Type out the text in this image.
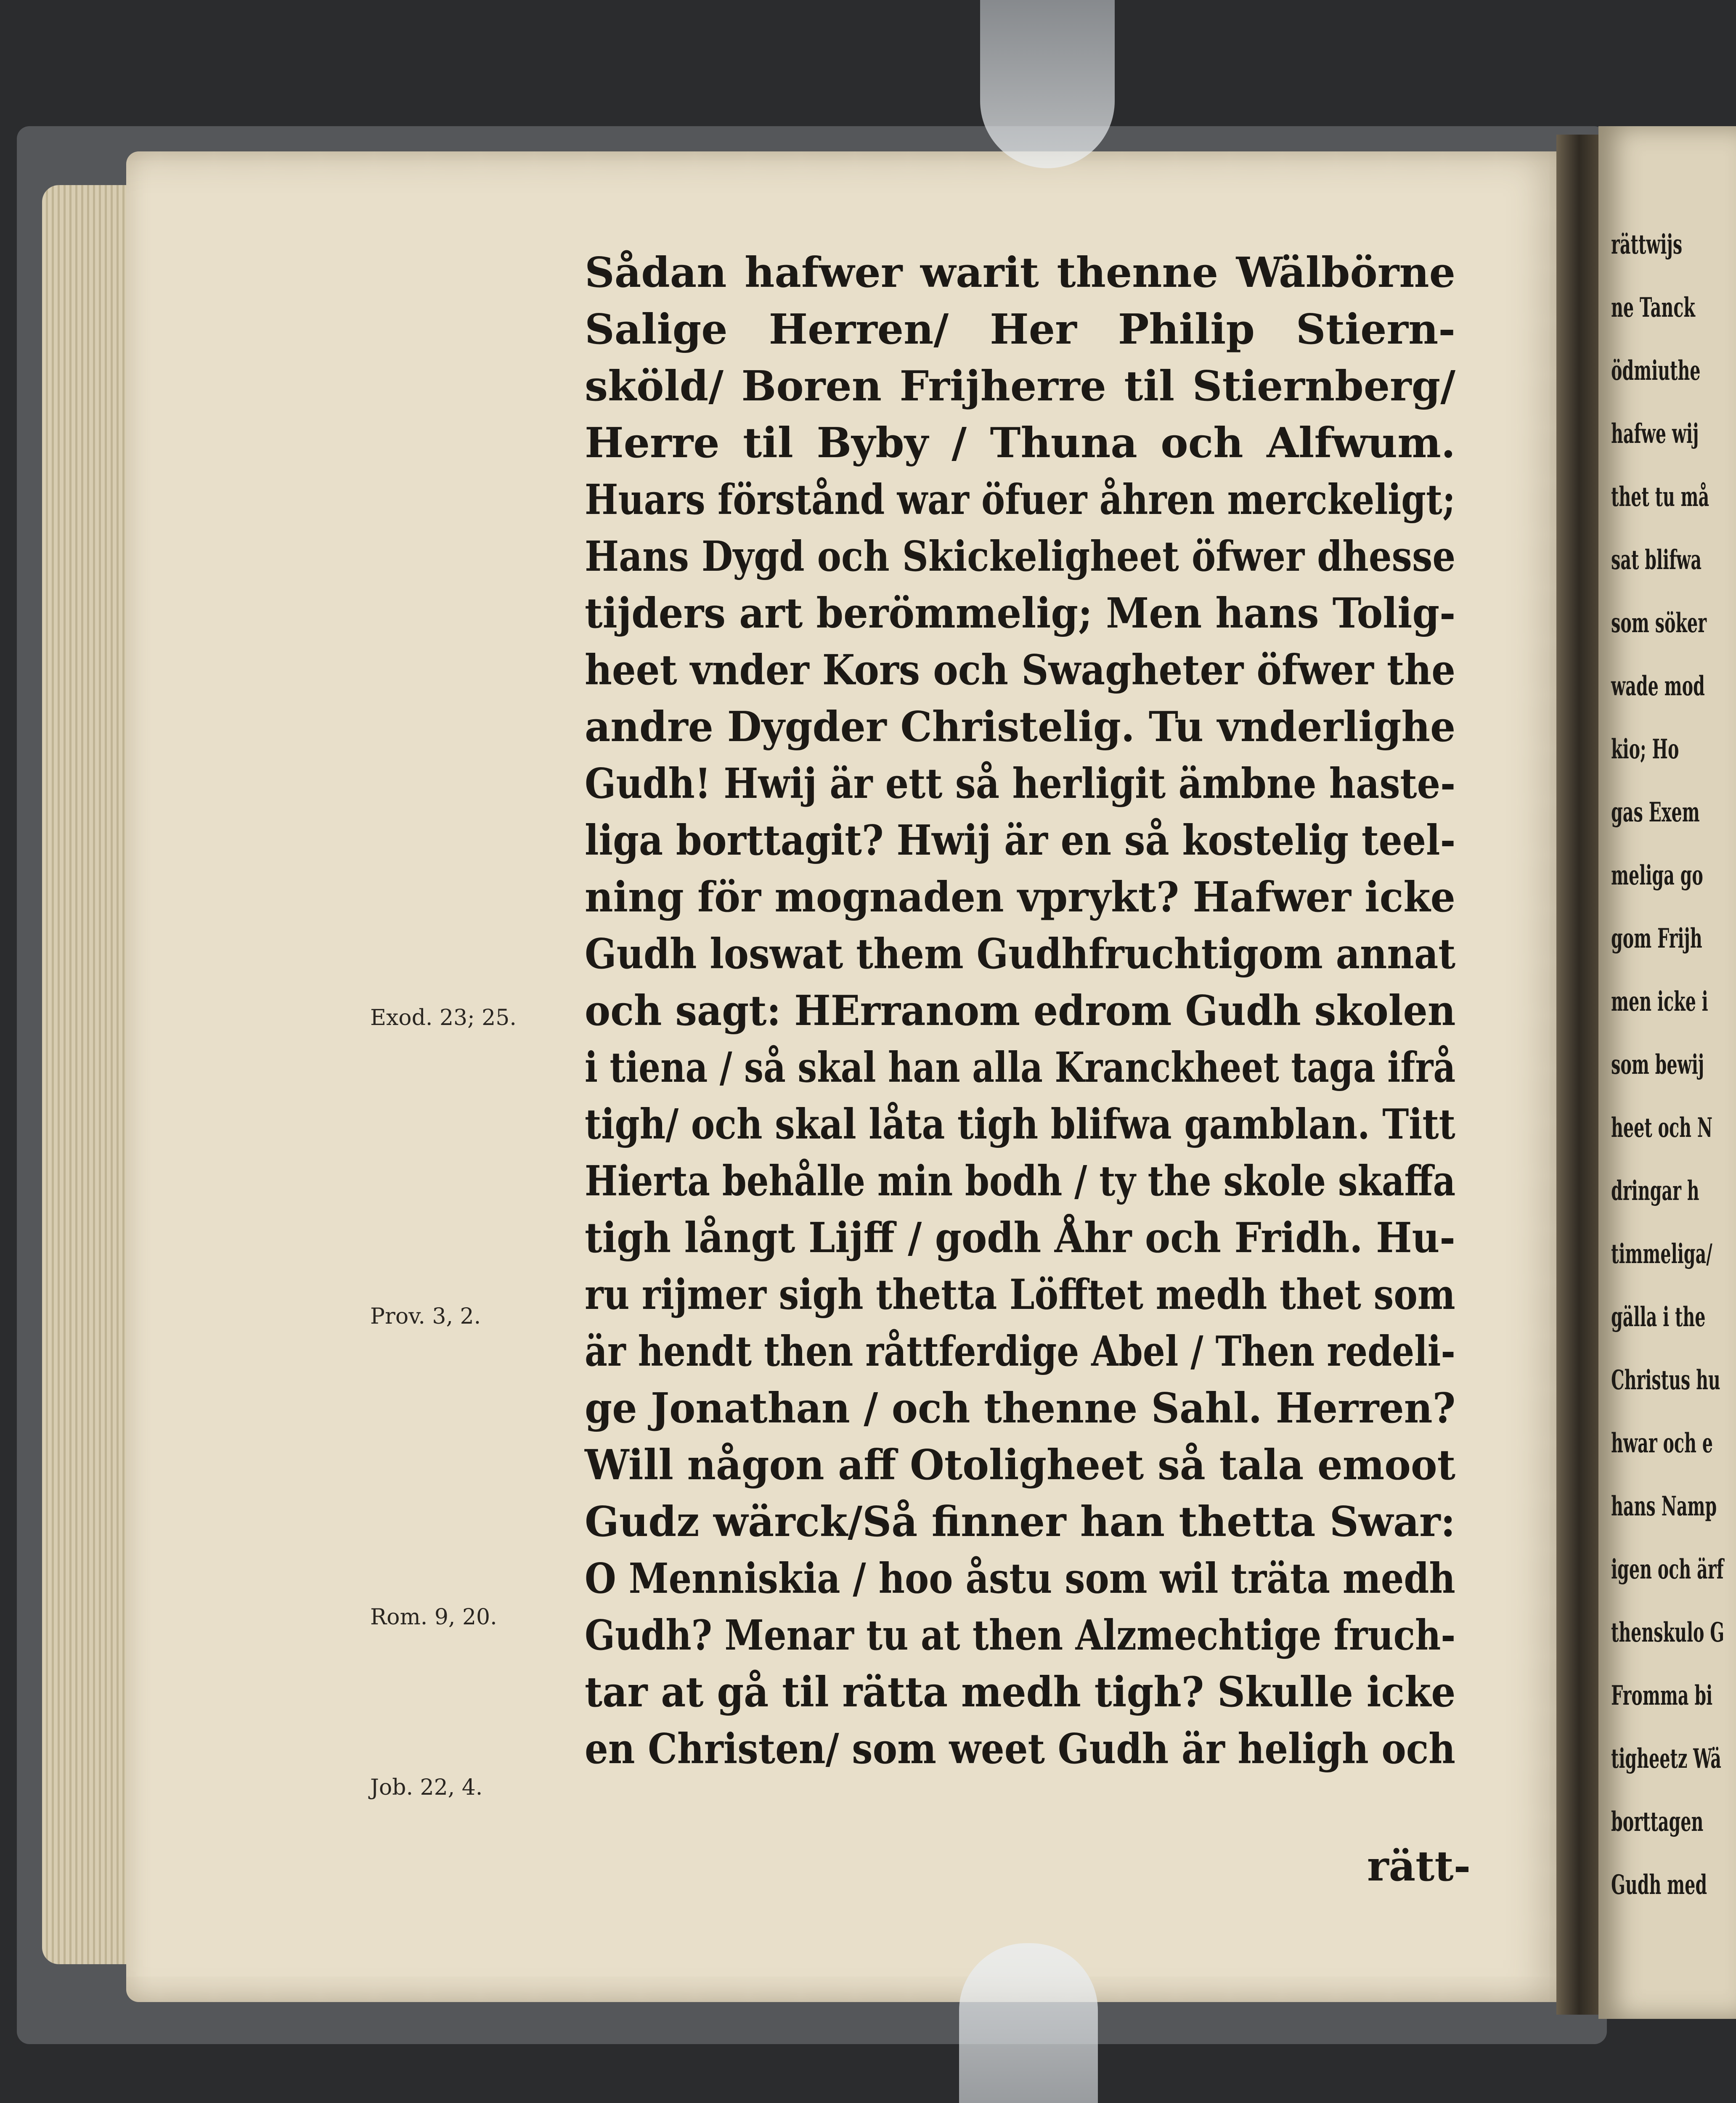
rättwijs
ne Tanck
ödmiuthe
hafwe wij
thet tu må
sat blifwa
som söker
wade mod
kio; Ho
gas Exem
meliga go
gom Frijh
men icke i
som bewij
heet och N
dringar h
timmeliga/
gälla i the
Christus hu
hwar och e
hans Namp
igen och ärf
thenskulo G
Fromma bi
tigheetz Wä
borttagen
Gudh med
Sådan hafwer warit thenne Wälbörne
Salige Herren/ Her Philip Stiern-
sköld/ Boren Frijherre til Stiernberg/
Herre til Byby / Thuna och Alfwum.
Huars förstånd war öfuer åhren merckeligt;
Hans Dygd och Skickeligheet öfwer dhesse
tijders art berömmelig; Men hans Tolig-
heet vnder Kors och Swagheter öfwer the
andre Dygder Christelig. Tu vnderlighe
Gudh! Hwij är ett så herligit ämbne haste-
liga borttagit? Hwij är en så kostelig teel-
ning för mognaden vprykt? Hafwer icke
Gudh loswat them Gudhfruchtigom annat
och sagt: HErranom edrom Gudh skolen
i tiena / så skal han alla Kranckheet taga ifrå
tigh/ och skal låta tigh blifwa gamblan. Titt
Hierta behålle min bodh / ty the skole skaffa
tigh långt Lijff / godh Åhr och Fridh. Hu-
ru rijmer sigh thetta Löfftet medh thet som
är hendt then råttferdige Abel / Then redeli-
ge Jonathan / och thenne Sahl. Herren?
Will någon aff Otoligheet så tala emoot
Gudz wärck/Så finner han thetta Swar:
O Menniskia / hoo åstu som wil träta medh
Gudh? Menar tu at then Alzmechtige fruch-
tar at gå til rätta medh tigh? Skulle icke
en Christen/ som weet Gudh är heligh och
rätt-
Exod. 23; 25.
Prov. 3, 2.
Rom. 9, 20.
Job. 22, 4.
